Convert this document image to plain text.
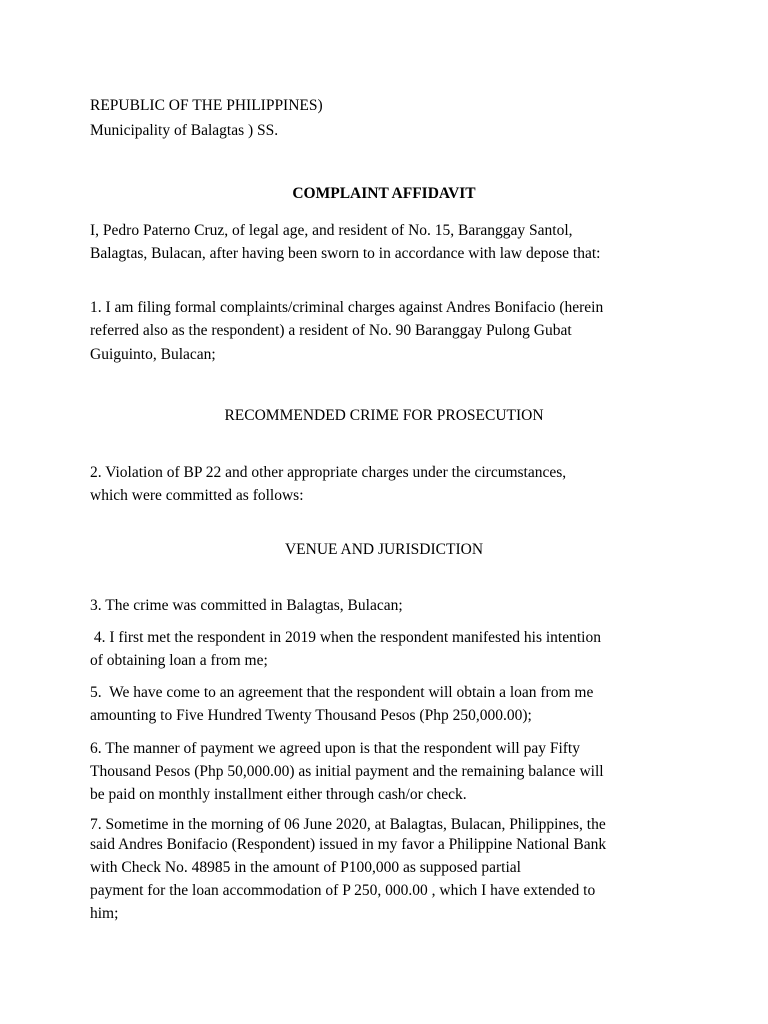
REPUBLIC OF THE PHILIPPINES)
Municipality of Balagtas ) SS.
COMPLAINT AFFIDAVIT
I, Pedro Paterno Cruz, of legal age, and resident of No. 15, Baranggay Santol,
Balagtas, Bulacan, after having been sworn to in accordance with law depose that:
1. I am filing formal complaints/criminal charges against Andres Bonifacio (herein
referred also as the respondent) a resident of No. 90 Baranggay Pulong Gubat
Guiguinto, Bulacan;
RECOMMENDED CRIME FOR PROSECUTION
2. Violation of BP 22 and other appropriate charges under the circumstances,
which were committed as follows:
VENUE AND JURISDICTION
3. The crime was committed in Balagtas, Bulacan;
4. I first met the respondent in 2019 when the respondent manifested his intention
of obtaining loan a from me;
5.  We have come to an agreement that the respondent will obtain a loan from me
amounting to Five Hundred Twenty Thousand Pesos (Php 250,000.00);
6. The manner of payment we agreed upon is that the respondent will pay Fifty
Thousand Pesos (Php 50,000.00) as initial payment and the remaining balance will
be paid on monthly installment either through cash/or check.
7. Sometime in the morning of 06 June 2020, at Balagtas, Bulacan, Philippines, the
said Andres Bonifacio (Respondent) issued in my favor a Philippine National Bank
with Check No. 48985 in the amount of P100,000 as supposed partial
payment for the loan accommodation of P 250, 000.00 , which I have extended to
him;
